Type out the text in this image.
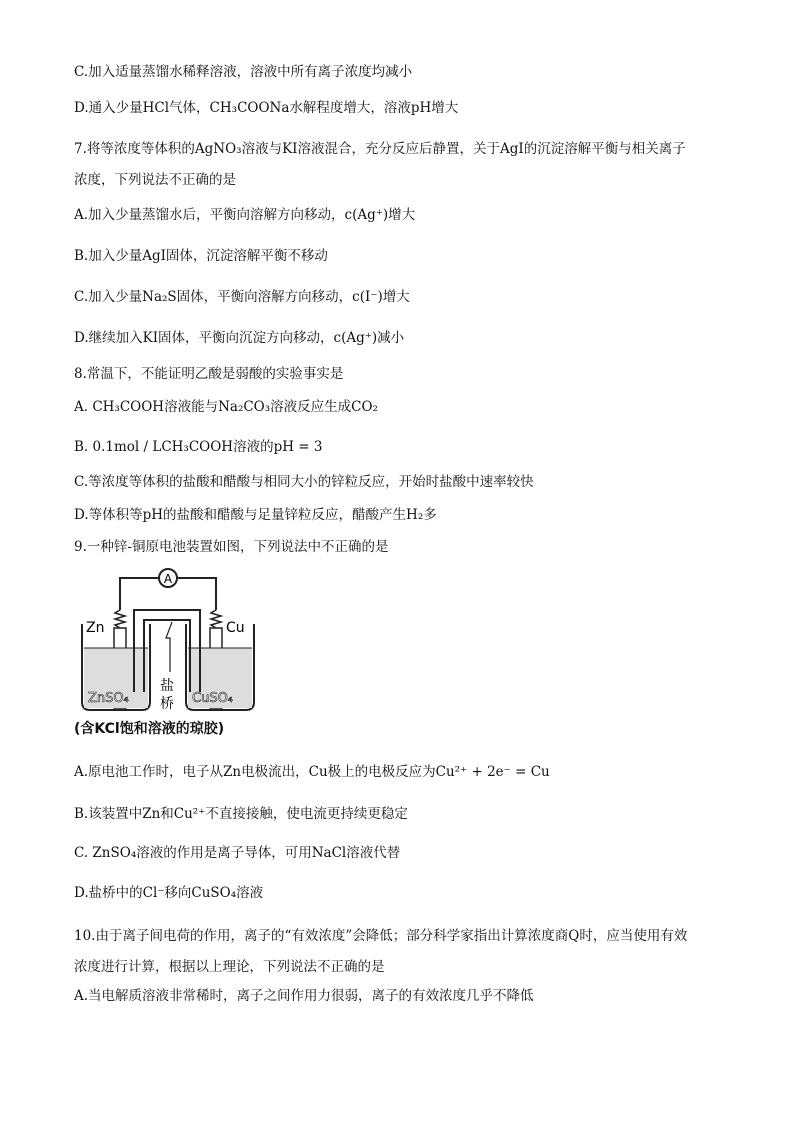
C.加入适量蒸馏水稀释溶液，溶液中所有离子浓度均减小
D.通入少量HCl气体，CH₃COONa水解程度增大，溶液pH增大
7.将等浓度等体积的AgNO₃溶液与KI溶液混合，充分反应后静置，关于AgI的沉淀溶解平衡与相关离子
浓度，下列说法不正确的是
A.加入少量蒸馏水后，平衡向溶解方向移动，c(Ag⁺)增大
B.加入少量AgI固体，沉淀溶解平衡不移动
C.加入少量Na₂S固体，平衡向溶解方向移动，c(I⁻)增大
D.继续加入KI固体，平衡向沉淀方向移动，c(Ag⁺)减小
8.常温下，不能证明乙酸是弱酸的实验事实是
A. CH₃COOH溶液能与Na₂CO₃溶液反应生成CO₂
B. 0.1mol / LCH₃COOH溶液的pH = 3
C.等浓度等体积的盐酸和醋酸与相同大小的锌粒反应，开始时盐酸中速率较快
D.等体积等pH的盐酸和醋酸与足量锌粒反应，醋酸产生H₂多
9.一种锌-铜原电池装置如图，下列说法中不正确的是
A
Zn	Cu
ZnSO₄	CuSO₄
盐
桥
(含KCl饱和溶液的琼胶)
A.原电池工作时，电子从Zn电极流出，Cu极上的电极反应为Cu²⁺ + 2e⁻ = Cu
B.该装置中Zn和Cu²⁺不直接接触，使电流更持续更稳定
C. ZnSO₄溶液的作用是离子导体，可用NaCl溶液代替
D.盐桥中的Cl⁻移向CuSO₄溶液
10.由于离子间电荷的作用，离子的“有效浓度”会降低；部分科学家指出计算浓度商Q时，应当使用有效
浓度进行计算，根据以上理论，下列说法不正确的是
A.当电解质溶液非常稀时，离子之间作用力很弱，离子的有效浓度几乎不降低
